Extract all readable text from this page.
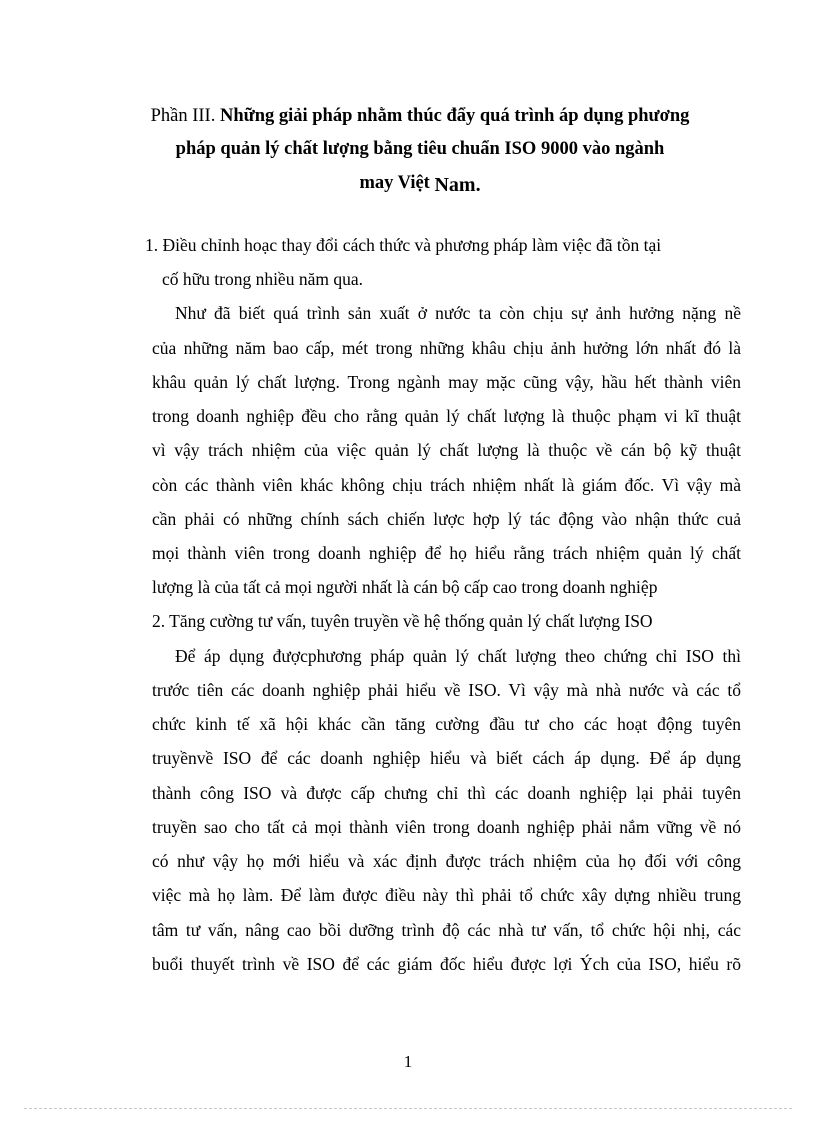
Phần III. Những giải pháp nhằm thúc đẩy quá trình áp dụng phương
pháp quản lý chất lượng bằng tiêu chuẩn ISO 9000 vào ngành
may Việt Nam.
1. Điều chỉnh hoạc thay đổi cách thức và phương pháp làm việc đã tồn tại
cố hữu trong nhiều năm qua.
Như đã biết quá trình sản xuất ở nước ta còn chịu sự ảnh hưởng nặng nề
của những năm bao cấp, mét trong những khâu chịu ảnh hưởng lớn nhất đó là
khâu quản lý chất lượng. Trong ngành may mặc cũng vậy, hầu hết thành viên
trong doanh nghiệp đều cho rằng quản lý chất lượng là thuộc phạm vi kĩ thuật
vì vậy trách nhiệm của việc quản lý chất lượng là thuộc về cán bộ kỹ thuật
còn các thành viên khác không chịu trách nhiệm nhất là giám đốc. Vì vậy mà
cần phải có những chính sách chiến lược hợp lý tác động vào nhận thức cuả
mọi thành viên trong doanh nghiệp để họ hiểu rằng trách nhiệm quản lý chất
lượng là của tất cả mọi người nhất là cán bộ cấp cao trong doanh nghiệp
2. Tăng cường tư vấn, tuyên truyền về hệ thống quản lý chất lượng ISO
Để áp dụng đượcphương pháp quản lý chất lượng theo chứng chỉ ISO thì
trước tiên các doanh nghiệp phải hiểu về ISO. Vì vậy mà nhà nước và các tổ
chức kinh tế xã hội khác cần tăng cường đầu tư cho các hoạt động tuyên
truyềnvề ISO để các doanh nghiệp hiểu và biết cách áp dụng. Để áp dụng
thành công ISO và được cấp chưng chỉ thì các doanh nghiệp lại phải tuyên
truyền sao cho tất cả mọi thành viên trong doanh nghiệp phải nắm vững về nó
có như vậy họ mới hiểu và xác định được trách nhiệm của họ đối với công
việc mà họ làm. Để làm được điều này thì phải tổ chức xây dựng nhiều trung
tâm tư vấn, nâng cao bồi dưỡng trình độ các nhà tư vấn, tổ chức hội nhị, các
buổi thuyết trình về ISO để các giám đốc hiểu được lợi Ých của ISO, hiểu rõ
1
